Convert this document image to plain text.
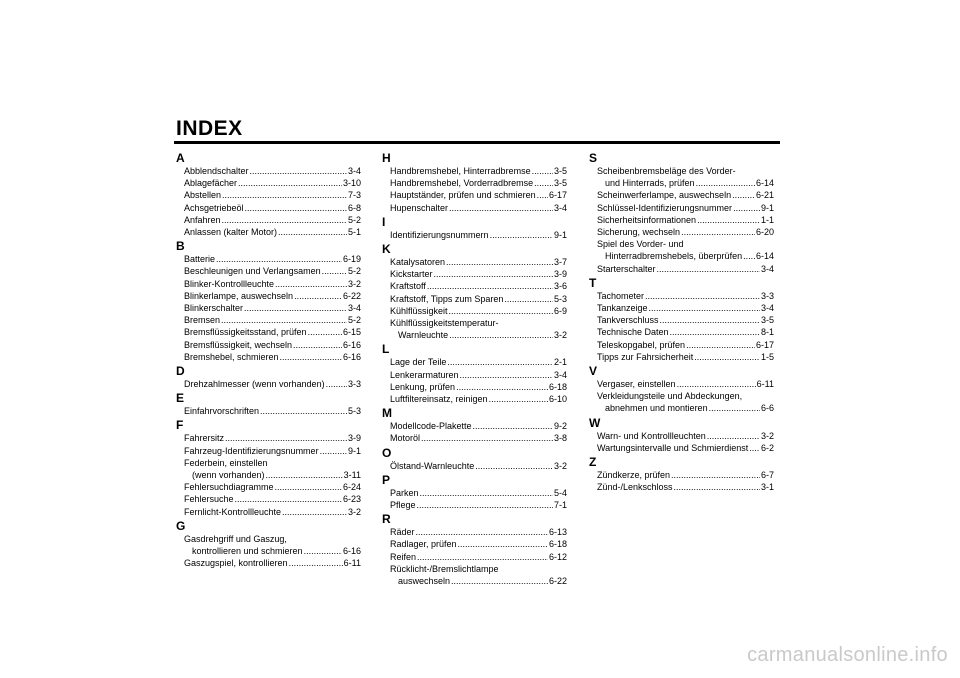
INDEX
A
Abblendschalter .....	3-4
Ablagefächer .....	3-10
Abstellen .....	7-3
Achsgetriebeöl .....	6-8
Anfahren .....	5-2
Anlassen (kalter Motor) .....	5-1
B
Batterie .....	6-19
Beschleunigen und Verlangsamen .....	5-2
Blinker-Kontrollleuchte .....	3-2
Blinkerlampe, auswechseln .....	6-22
Blinkerschalter .....	3-4
Bremsen .....	5-2
Bremsflüssigkeitsstand, prüfen .....	6-15
Bremsflüssigkeit, wechseln .....	6-16
Bremshebel, schmieren .....	6-16
D
Drehzahlmesser (wenn vorhanden) .....	3-3
E
Einfahrvorschriften .....	5-3
F
Fahrersitz .....	3-9
Fahrzeug-Identifizierungsnummer .....	9-1
Federbein, einstellen
(wenn vorhanden) .....	3-11
Fehlersuchdiagramme .....	6-24
Fehlersuche .....	6-23
Fernlicht-Kontrollleuchte .....	3-2
G
Gasdrehgriff und Gaszug,
kontrollieren und schmieren .....	6-16
Gaszugspiel, kontrollieren .....	6-11
H
Handbremshebel, Hinterradbremse .....	3-5
Handbremshebel, Vorderradbremse ..... 3-5
Hauptständer, prüfen und schmieren ..... 6-17
Hupenschalter .....	3-4
I
Identifizierungsnummern .....	9-1
K
Katalysatoren .....	3-7
Kickstarter .....	3-9
Kraftstoff .....	3-6
Kraftstoff, Tipps zum Sparen .....	5-3
Kühlflüssigkeit .....	6-9
Kühlflüssigkeitstemperatur-
Warnleuchte .....	3-2
L
Lage der Teile .....	2-1
Lenkerarmaturen .....	3-4
Lenkung, prüfen .....	6-18
Luftfiltereinsatz, reinigen .....	6-10
M
Modellcode-Plakette .....	9-2
Motoröl .....	3-8
O
Ölstand-Warnleuchte .....	3-2
P
Parken .....	5-4
Pflege .....	7-1
R
Räder .....	6-13
Radlager, prüfen .....	6-18
Reifen .....	6-12
Rücklicht-/Bremslichtlampe
auswechseln .....	6-22
S
Scheibenbremsbeläge des Vorder-
und Hinterrads, prüfen .....	6-14
Scheinwerferlampe, auswechseln .....	6-21
Schlüssel-Identifizierungsnummer .....	9-1
Sicherheitsinformationen .....	1-1
Sicherung, wechseln .....	6-20
Spiel des Vorder- und
Hinterradbremshebels, überprüfen ..... 6-14
Starterschalter .....	3-4
T
Tachometer .....	3-3
Tankanzeige .....	3-4
Tankverschluss .....	3-5
Technische Daten .....	8-1
Teleskopgabel, prüfen .....	6-17
Tipps zur Fahrsicherheit .....	1-5
V
Vergaser, einstellen .....	6-11
Verkleidungsteile und Abdeckungen,
abnehmen und montieren .....	6-6
W
Warn- und Kontrollleuchten .....	3-2
Wartungsintervalle und Schmierdienst ..... 6-2
Z
Zündkerze, prüfen .....	6-7
Zünd-/Lenkschloss .....	3-1
carmanualsonline.info
